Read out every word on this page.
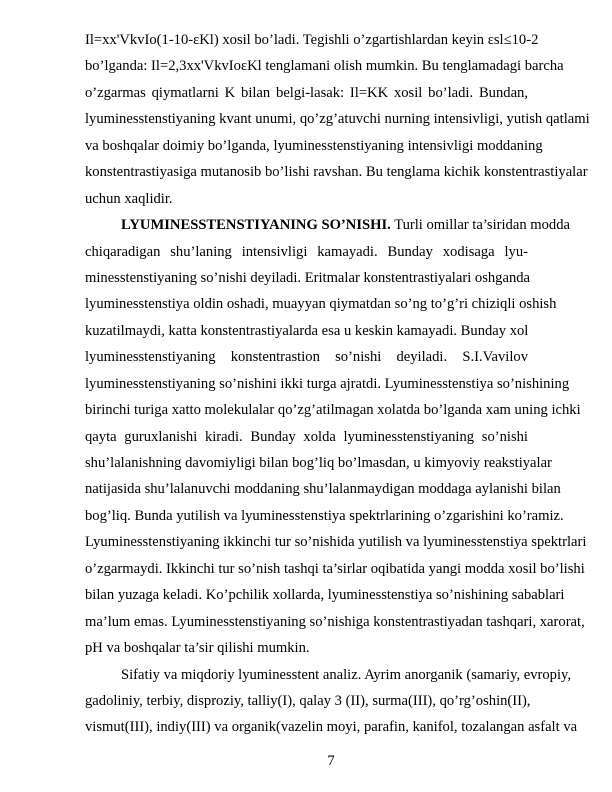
Il=xx'VkvIo(1-10-εKl) xosil bo’ladi. Tegishli o’zgartishlardan keyin εsl≤10-2
bo’lganda: Il=2,3xx'VkvIoεKl tenglamani olish mumkin. Bu tenglamadagi barcha
o’zgarmas qiymatlarni K bilan belgi-lasak: Il=KK xosil bo’ladi. Bundan,
lyuminesstenstiyaning kvant unumi, qo’zg’atuvchi nurning intensivligi, yutish qatlami
va boshqalar doimiy bo’lganda, lyuminesstenstiyaning intensivligi moddaning
konstentrastiyasiga mutanosib bo’lishi ravshan. Bu tenglama kichik konstentrastiyalar
uchun xaqlidir.
LYUMINESSTENSTIYANING SO’NISHI. Turli omillar ta’siridan modda
chiqaradigan shu’laning intensivligi kamayadi. Bunday xodisaga lyu-
minesstenstiyaning so’nishi deyiladi. Eritmalar konstentrastiyalari oshganda
lyuminesstenstiya oldin oshadi, muayyan qiymatdan so’ng to’g’ri chiziqli oshish
kuzatilmaydi, katta konstentrastiyalarda esa u keskin kamayadi. Bunday xol
lyuminesstenstiyaning konstentrastion so’nishi deyiladi. S.I.Vavilov
lyuminesstenstiyaning so’nishini ikki turga ajratdi. Lyuminesstenstiya so’nishining
birinchi turiga xatto molekulalar qo’zg’atilmagan xolatda bo’lganda xam uning ichki
qayta guruxlanishi kiradi. Bunday xolda lyuminesstenstiyaning so’nishi
shu’lalanishning davomiyligi bilan bog’liq bo’lmasdan, u kimyoviy reakstiyalar
natijasida shu’lalanuvchi moddaning shu’lalanmaydigan moddaga aylanishi bilan
bog’liq. Bunda yutilish va lyuminesstenstiya spektrlarining o’zgarishini ko’ramiz.
Lyuminesstenstiyaning ikkinchi tur so’nishida yutilish va lyuminesstenstiya spektrlari
o’zgarmaydi. Ikkinchi tur so’nish tashqi ta’sirlar oqibatida yangi modda xosil bo’lishi
bilan yuzaga keladi. Ko’pchilik xollarda, lyuminesstenstiya so’nishining sabablari
ma’lum emas. Lyuminesstenstiyaning so’nishiga konstentrastiyadan tashqari, xarorat,
pH va boshqalar ta’sir qilishi mumkin.
Sifatiy va miqdoriy lyuminesstent analiz. Ayrim anorganik (samariy, evropiy,
gadoliniy, terbiy, disproziy, talliy(I), qalay 3 (II), surma(III), qo’rg’oshin(II),
vismut(III), indiy(III) va organik(vazelin moyi, parafin, kanifol, tozalangan asfalt va
7
